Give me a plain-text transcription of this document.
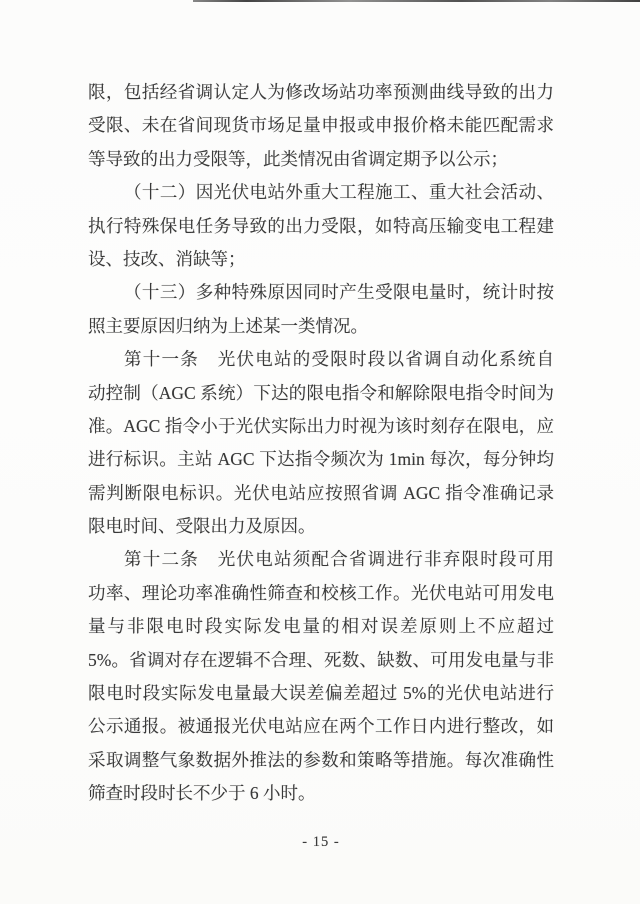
限，包括经省调认定人为修改场站功率预测曲线导致的出力
受限、未在省间现货市场足量申报或申报价格未能匹配需求
等导致的出力受限等，此类情况由省调定期予以公示；
（十二）因光伏电站外重大工程施工、重大社会活动、
执行特殊保电任务导致的出力受限，如特高压输变电工程建
设、技改、消缺等；
（十三）多种特殊原因同时产生受限电量时，统计时按
照主要原因归纳为上述某一类情况。
第十一条　光伏电站的受限时段以省调自动化系统自
动控制（AGC 系统）下达的限电指令和解除限电指令时间为
准。AGC 指令小于光伏实际出力时视为该时刻存在限电，应
进行标识。主站 AGC 下达指令频次为 1min 每次，每分钟均
需判断限电标识。光伏电站应按照省调 AGC 指令准确记录
限电时间、受限出力及原因。
第十二条　光伏电站须配合省调进行非弃限时段可用
功率、理论功率准确性筛查和校核工作。光伏电站可用发电
量与非限电时段实际发电量的相对误差原则上不应超过
5%。省调对存在逻辑不合理、死数、缺数、可用发电量与非
限电时段实际发电量最大误差偏差超过 5%的光伏电站进行
公示通报。被通报光伏电站应在两个工作日内进行整改，如
采取调整气象数据外推法的参数和策略等措施。每次准确性
筛查时段时长不少于 6 小时。
- 15 -
